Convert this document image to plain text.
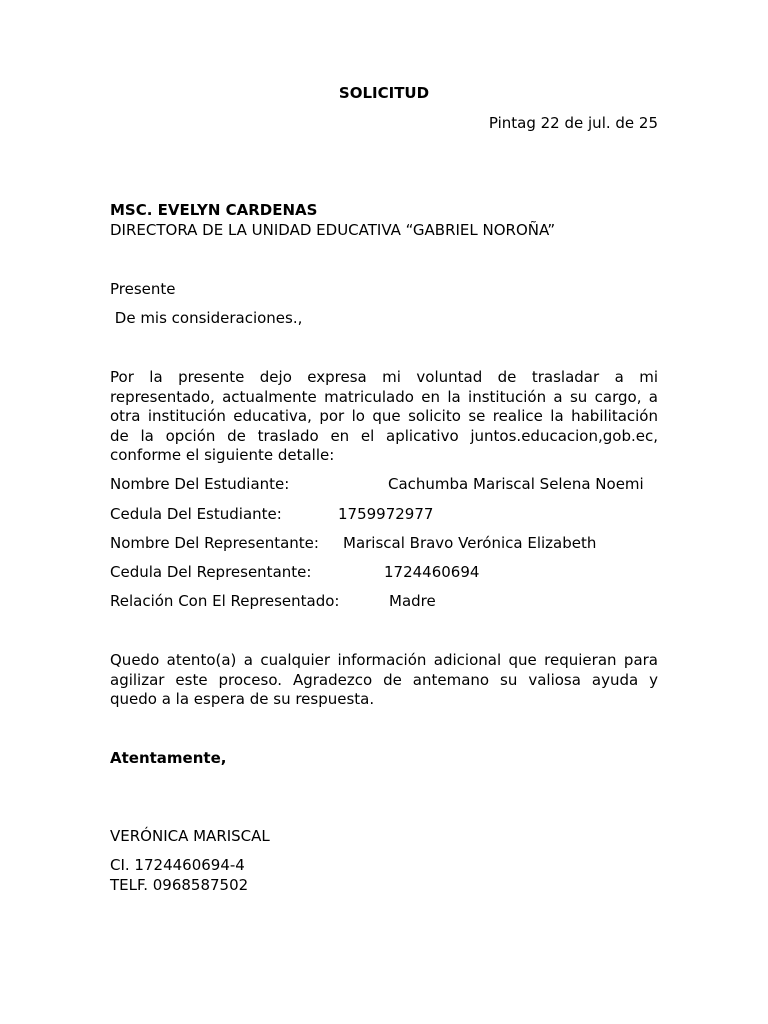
SOLICITUD
Pintag 22 de jul. de 25
MSC. EVELYN CARDENAS
DIRECTORA DE LA UNIDAD EDUCATIVA “GABRIEL NOROÑA”
Presente
De mis consideraciones.,
Por la presente dejo expresa mi voluntad de trasladar a mi
representado, actualmente matriculado en la institución a su cargo, a
otra institución educativa, por lo que solicito se realice la habilitación
de la opción de traslado en el aplicativo juntos.educacion,gob.ec,
conforme el siguiente detalle:
Nombre Del Estudiante:	Cachumba Mariscal Selena Noemi
Cedula Del Estudiante:	1759972977
Nombre Del Representante: Mariscal Bravo Verónica Elizabeth
Cedula Del Representante:	1724460694
Relación Con El Representado:	Madre
Quedo atento(a) a cualquier información adicional que requieran para
agilizar este proceso. Agradezco de antemano su valiosa ayuda y
quedo a la espera de su respuesta.
Atentamente,
VERÓNICA MARISCAL
CI. 1724460694-4
TELF. 0968587502
